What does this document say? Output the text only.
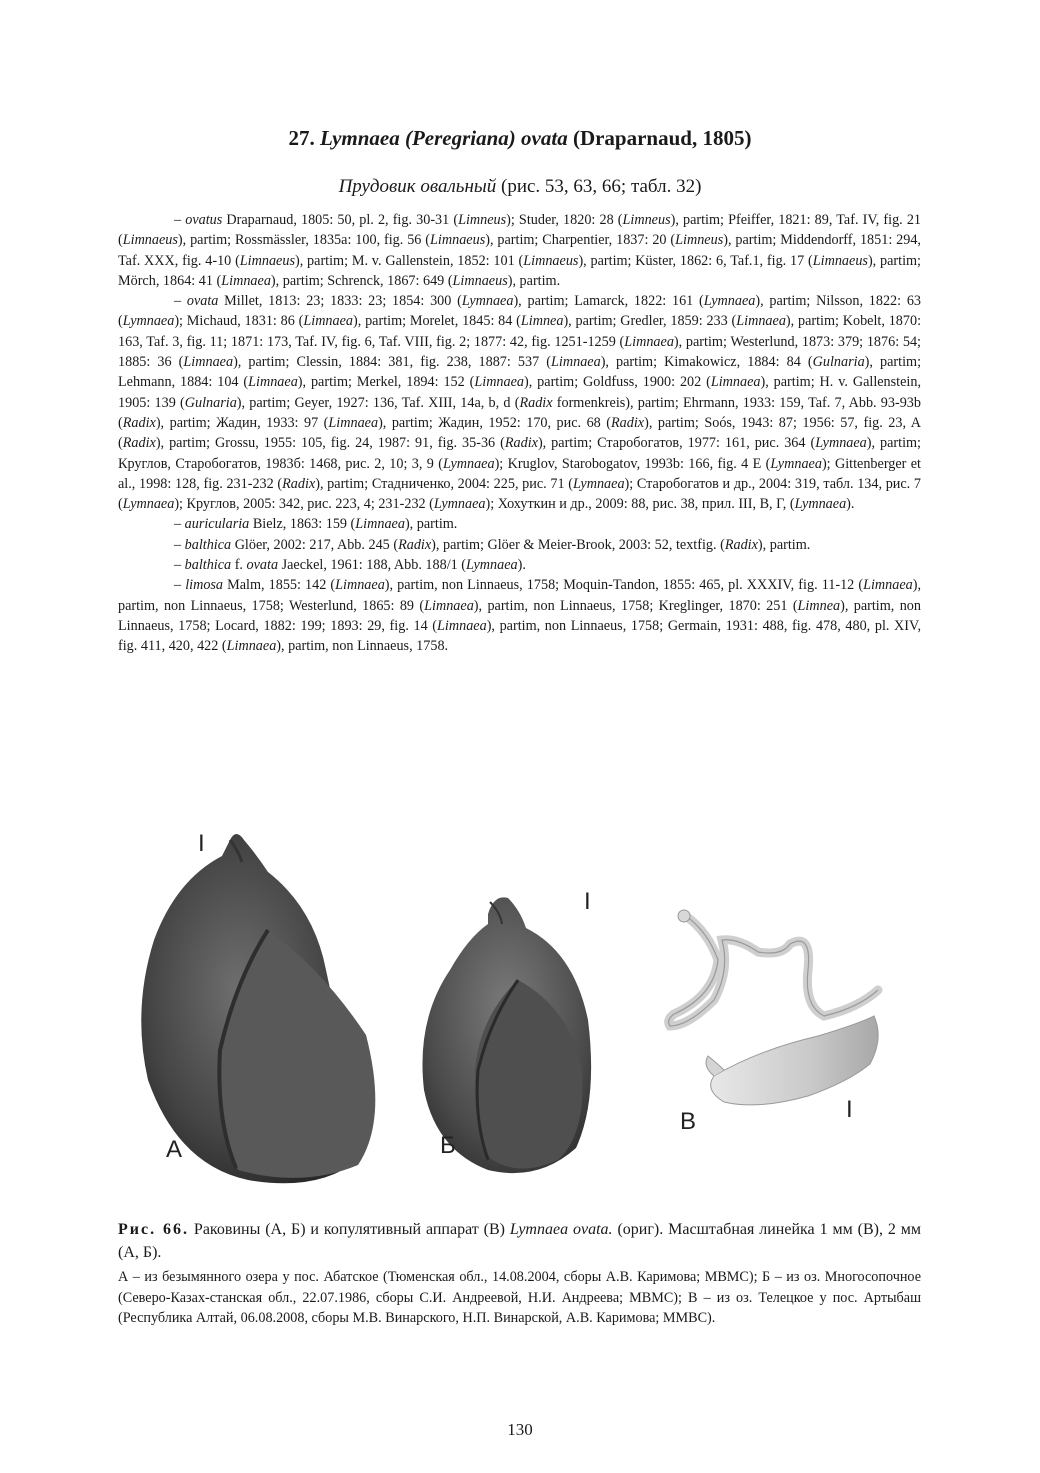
27. Lymnaea (Peregriana) ovata (Draparnaud, 1805)
Прудовик овальный (рис. 53, 63, 66; табл. 32)

– ovatus Draparnaud, 1805: 50, pl. 2, fig. 30-31 (Limneus); Studer, 1820: 28 (Limneus), partim; Pfeiffer, 1821: 89, Taf. IV, fig. 21 (Limnaeus), partim; Rossmässler, 1835a: 100, fig. 56 (Limnaeus), partim; Charpentier, 1837: 20 (Limneus), partim; Middendorff, 1851: 294, Taf. XXX, fig. 4-10 (Limnaeus), partim; M. v. Gallenstein, 1852: 101 (Limnaeus), partim; Küster, 1862: 6, Taf.1, fig. 17 (Limnaeus), partim; Mörch, 1864: 41 (Limnaea), partim; Schrenck, 1867: 649 (Limnaeus), partim.

– ovata Millet, 1813: 23; 1833: 23; 1854: 300 (Lymnaea), partim; Lamarck, 1822: 161 (Lymnaea), partim; Nilsson, 1822: 63 (Lymnaea); Michaud, 1831: 86 (Limnaea), partim; Morelet, 1845: 84 (Limnea), partim; Gredler, 1859: 233 (Limnaea), partim; Kobelt, 1870: 163, Taf. 3, fig. 11; 1871: 173, Taf. IV, fig. 6, Taf. VIII, fig. 2; 1877: 42, fig. 1251-1259 (Limnaea), partim; Westerlund, 1873: 379; 1876: 54; 1885: 36 (Limnaea), partim; Clessin, 1884: 381, fig. 238, 1887: 537 (Limnaea), partim; Kimakowicz, 1884: 84 (Gulnaria), partim; Lehmann, 1884: 104 (Limnaea), partim; Merkel, 1894: 152 (Limnaea), partim; Goldfuss, 1900: 202 (Limnaea), partim; H. v. Gallenstein, 1905: 139 (Gulnaria), partim; Geyer, 1927: 136, Taf. XIII, 14a, b, d (Radix formenkreis), partim; Ehrmann, 1933: 159, Taf. 7, Abb. 93-93b (Radix), partim; Жадин, 1933: 97 (Limnaea), partim; Жадин, 1952: 170, рис. 68 (Radix), partim; Soós, 1943: 87; 1956: 57, fig. 23, A (Radix), partim; Grossu, 1955: 105, fig. 24, 1987: 91, fig. 35-36 (Radix), partim; Старобогатов, 1977: 161, рис. 364 (Lymnaea), partim; Круглов, Старобогатов, 1983б: 1468, рис. 2, 10; 3, 9 (Lymnaea); Kruglov, Starobogatov, 1993b: 166, fig. 4 E (Lymnaea); Gittenberger et al., 1998: 128, fig. 231-232 (Radix), partim; Стадниченко, 2004: 225, рис. 71 (Lymnaea); Старобогатов и др., 2004: 319, табл. 134, рис. 7 (Lymnaea); Круглов, 2005: 342, рис. 223, 4; 231-232 (Lymnaea); Хохуткин и др., 2009: 88, рис. 38, прил. III, В, Г, (Lymnaea).

– auricularia Bielz, 1863: 159 (Limnaea), partim.

– balthica Glöer, 2002: 217, Abb. 245 (Radix), partim; Glöer & Meier-Brook, 2003: 52, textfig. (Radix), partim.

– balthica f. ovata Jaeckel, 1961: 188, Abb. 188/1 (Lymnaea).

– limosa Malm, 1855: 142 (Limnaea), partim, non Linnaeus, 1758; Moquin-Tandon, 1855: 465, pl. XXXIV, fig. 11-12 (Limnaea), partim, non Linnaeus, 1758; Westerlund, 1865: 89 (Limnaea), partim, non Linnaeus, 1758; Kreglinger, 1870: 251 (Limnea), partim, non Linnaeus, 1758; Locard, 1882: 199; 1893: 29, fig. 14 (Limnaea), partim, non Linnaeus, 1758; Germain, 1931: 488, fig. 478, 480, pl. XIV, fig. 411, 420, 422 (Limnaea), partim, non Linnaeus, 1758.

I
I
I
А	Б
В
Рис. 66. Раковины (А, Б) и копулятивный аппарат (В) Lymnaea ovata. (ориг). Масштабная линейка 1 мм (В), 2 мм (А, Б).
А – из безымянного озера у пос. Абатское (Тюменская обл., 14.08.2004, сборы А.В. Каримова; МВМС); Б – из оз. Многосопочное (Северо-Казах-станская обл., 22.07.1986, сборы С.И. Андреевой, Н.И. Андреева; МВМС); В – из оз. Телецкое у пос. Артыбаш (Республика Алтай, 06.08.2008, сборы М.В. Винарского, Н.П. Винарской, А.В. Каримова; ММВС).
130
